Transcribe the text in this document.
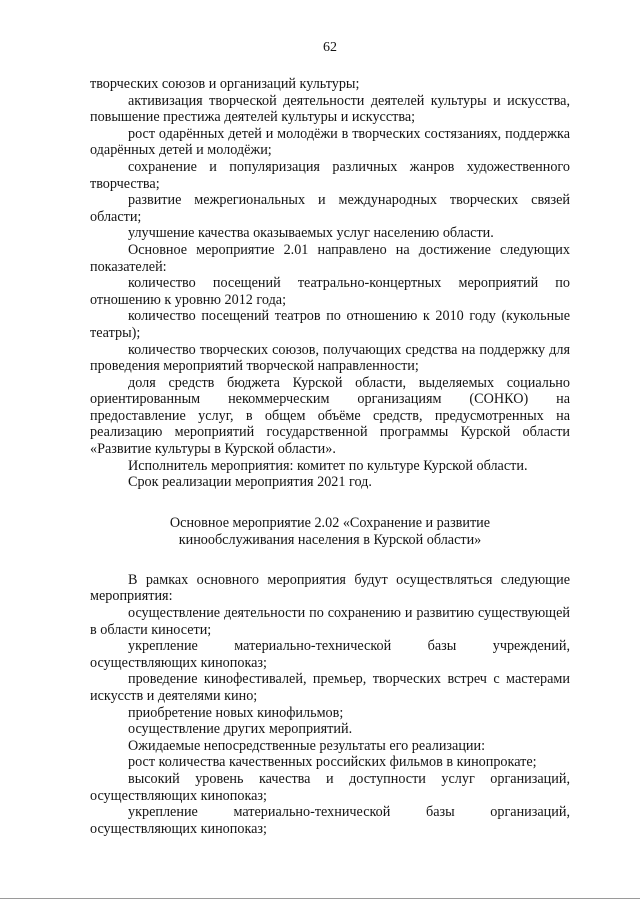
62

творческих союзов и организаций культуры;

активизация творческой деятельности деятелей культуры и искусства, повышение престижа деятелей культуры и искусства;

рост одарённых детей и молодёжи в творческих состязаниях, поддержка одарённых детей и молодёжи;

сохранение и популяризация различных жанров художественного творчества;

развитие межрегиональных и международных творческих связей области;

улучшение качества оказываемых услуг населению области.

Основное мероприятие 2.01 направлено на достижение следующих показателей:

количество посещений театрально-концертных мероприятий по отношению к уровню 2012 года;

количество посещений театров по отношению к 2010 году (кукольные театры);

количество творческих союзов, получающих средства на поддержку для проведения мероприятий творческой направленности;

доля средств бюджета Курской области, выделяемых социально ориентированным некоммерческим организациям (СОНКО) на предоставление услуг, в общем объёме средств, предусмотренных на реализацию мероприятий государственной программы Курской области «Развитие культуры в Курской области».

Исполнитель мероприятия: комитет по культуре Курской области.

Срок реализации мероприятия 2021 год.

Основное мероприятие 2.02 «Сохранение и развитие
кинообслуживания населения в Курской области»

В рамках основного мероприятия будут осуществляться следующие мероприятия:

осуществление деятельности по сохранению и развитию существующей в области киносети;

укрепление материально-технической базы учреждений, осуществляющих кинопоказ;

проведение кинофестивалей, премьер, творческих встреч с мастерами искусств и деятелями кино;

приобретение новых кинофильмов;

осуществление других мероприятий.

Ожидаемые непосредственные результаты его реализации:

рост количества качественных российских фильмов в кинопрокате;

высокий уровень качества и доступности услуг организаций, осуществляющих кинопоказ;

укрепление материально-технической базы организаций, осуществляющих кинопоказ;
